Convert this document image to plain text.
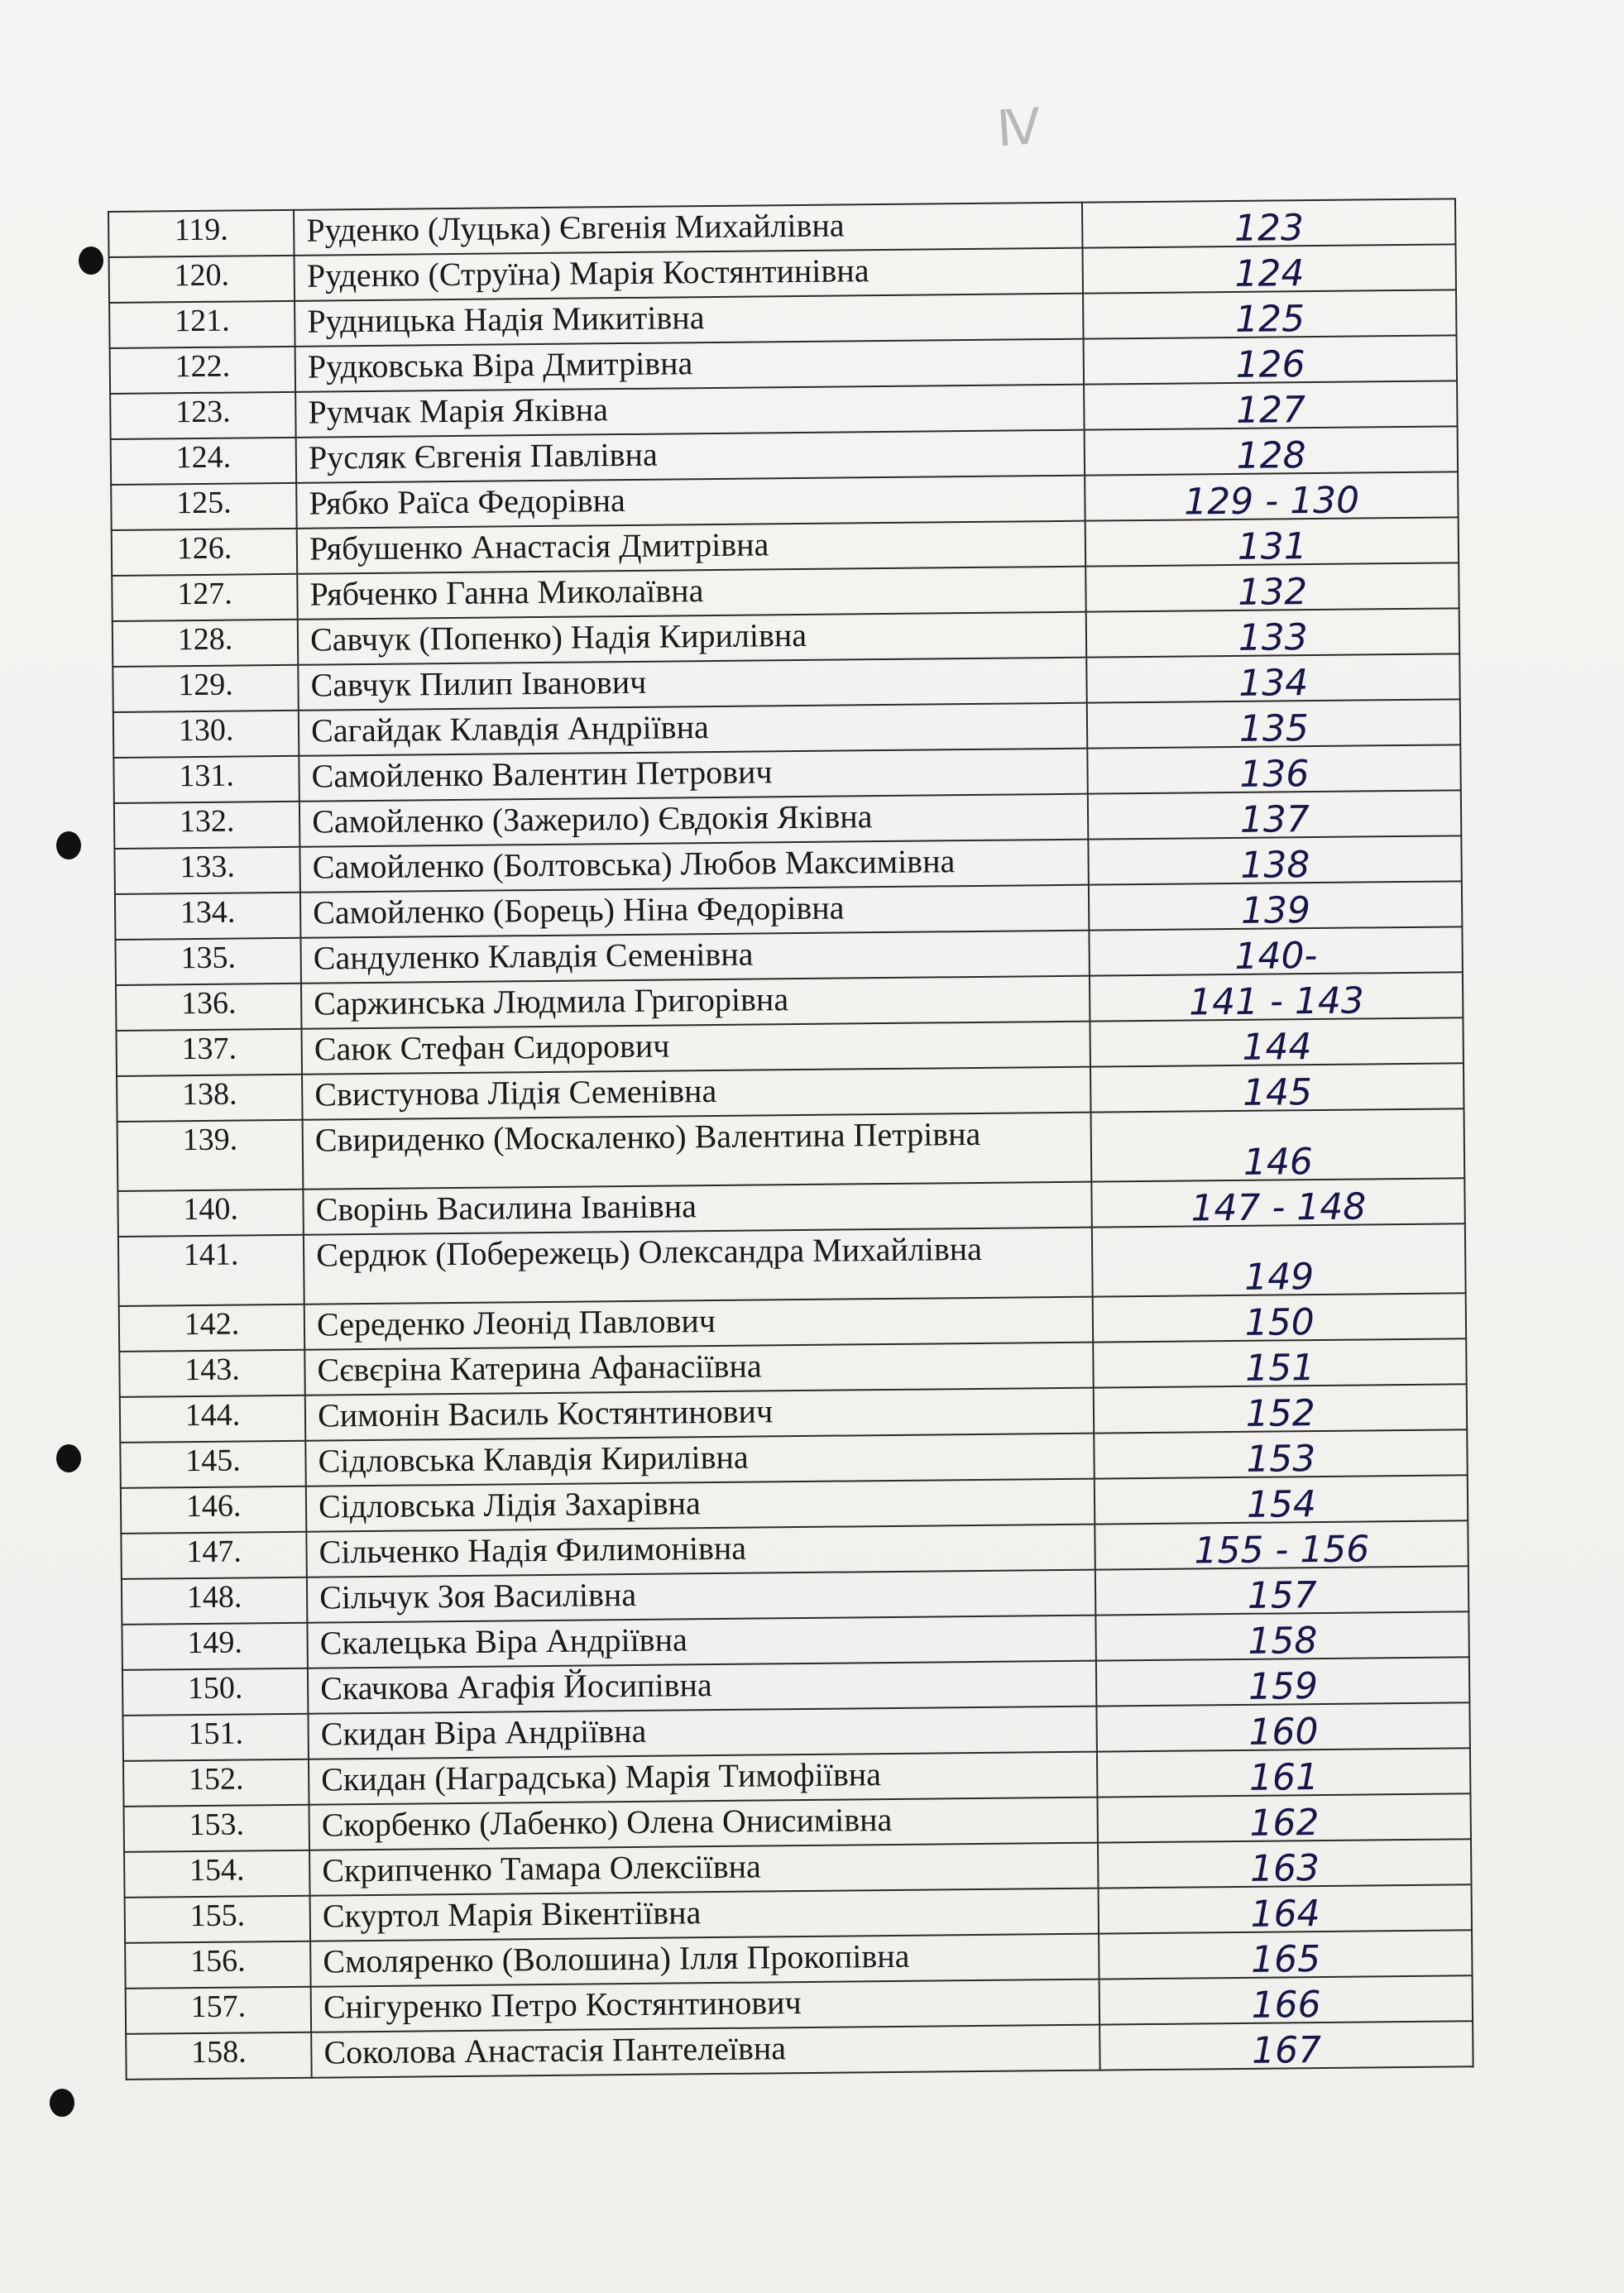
IV
119.	Руденко (Луцька) Євгенія Михайлівна	123

120.	Руденко (Струїна) Марія Костянтинівна	124

121.	Рудницька Надія Микитівна	125

122.	Рудковська Віра Дмитрівна	126

123.	Румчак Марія Яківна	127

124.	Русляк Євгенія Павлівна	128

125.	Рябко Раїса Федорівна	129 - 130

126.	Рябушенко Анастасія Дмитрівна	131

127.	Рябченко Ганна Миколаївна	132

128.	Савчук (Попенко) Надія Кирилівна	133

129.	Савчук Пилип Іванович	134

130.	Сагайдак Клавдія Андріївна	135

131.	Самойленко Валентин Петрович	136

132.	Самойленко (Зажерило) Євдокія Яківна	137

133.	Самойленко (Болтовська) Любов Максимівна	138

134.	Самойленко (Борець) Ніна Федорівна	139

135.	Сандуленко Клавдія Семенівна	140-

136.	Саржинська Людмила Григорівна	141 - 143

137.	Саюк Стефан Сидорович	144

138.	Свистунова Лідія Семенівна	145

139.	Свириденко (Москаленко) Валентина Петрівна	146

140.	Сворінь Василина Іванівна	147 - 148

141.	Сердюк (Побережець) Олександра Михайлівна	149

142.	Середенко Леонід Павлович	150

143.	Сєвєріна Катерина Афанасіївна	151

144.	Симонін Василь Костянтинович	152

145.	Сідловська Клавдія Кирилівна	153

146.	Сідловська Лідія Захарівна	154

147.	Сільченко Надія Филимонівна	155 - 156

148.	Сільчук Зоя Василівна	157

149.	Скалецька Віра Андріївна	158

150.	Скачкова Агафія Йосипівна	159

151.	Скидан Віра Андріївна	160

152.	Скидан (Наградська) Марія Тимофіївна	161

153.	Скорбенко (Лабенко) Олена Онисимівна	162

154.	Скрипченко Тамара Олексіївна	163

155.	Скуртол Марія Вікентіївна	164

156.	Смоляренко (Волошина) Ілля Прокопівна	165

157.	Снігуренко Петро Костянтинович	166

158.	Соколова Анастасія Пантелеївна	167
